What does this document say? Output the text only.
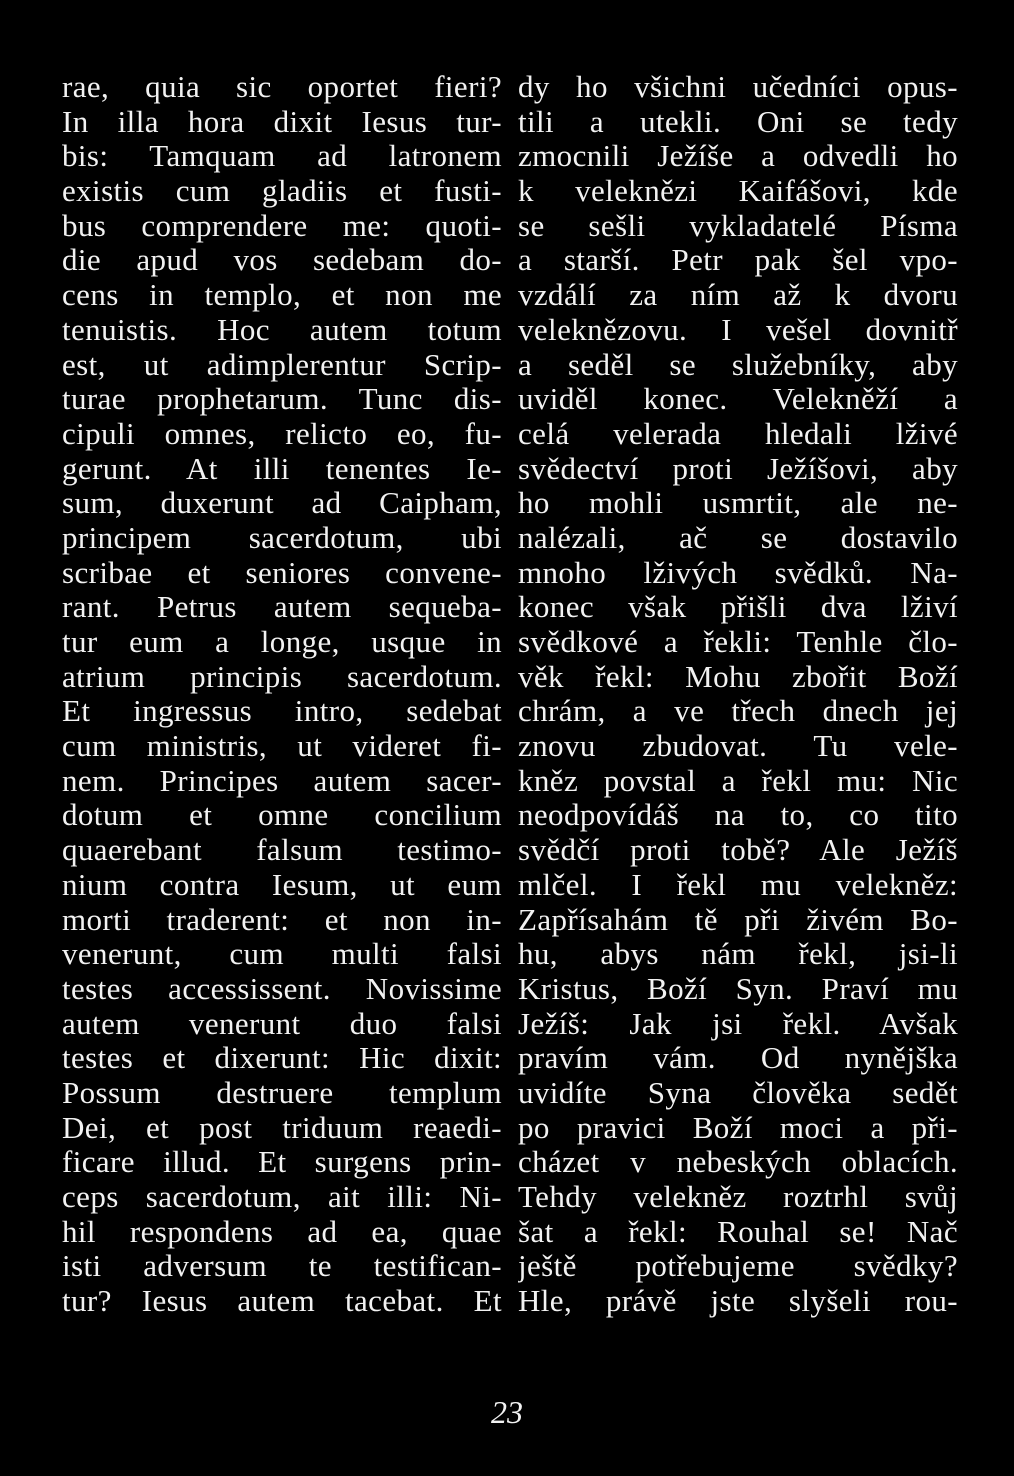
rae, quia sic oportet fieri?
In illa hora dixit Iesus tur-
bis: Tamquam ad latronem
existis cum gladiis et fusti-
bus comprendere me: quoti-
die apud vos sedebam do-
cens in templo, et non me
tenuistis. Hoc autem totum
est, ut adimplerentur Scrip-
turae prophetarum. Tunc dis-
cipuli omnes, relicto eo, fu-
gerunt. At illi tenentes Ie-
sum, duxerunt ad Caipham,
principem sacerdotum, ubi
scribae et seniores convene-
rant. Petrus autem sequeba-
tur eum a longe, usque in
atrium principis sacerdotum.
Et ingressus intro, sedebat
cum ministris, ut videret fi-
nem. Principes autem sacer-
dotum et omne concilium
quaerebant falsum testimo-
nium contra Iesum, ut eum
morti traderent: et non in-
venerunt, cum multi falsi
testes accessissent. Novissime
autem venerunt duo falsi
testes et dixerunt: Hic dixit:
Possum destruere templum
Dei, et post triduum reaedi-
ficare illud. Et surgens prin-
ceps sacerdotum, ait illi: Ni-
hil respondens ad ea, quae
isti adversum te testifican-
tur? Iesus autem tacebat. Et
dy ho všichni učedníci opus-
tili a utekli. Oni se tedy
zmocnili Ježíše a odvedli ho
k veleknězi Kaifášovi, kde
se sešli vykladatelé Písma
a starší. Petr pak šel vpo-
vzdálí za ním až k dvoru
veleknězovu. I vešel dovnitř
a seděl se služebníky, aby
uviděl konec. Velekněží a
celá velerada hledali lživé
svědectví proti Ježíšovi, aby
ho mohli usmrtit, ale ne-
nalézali, ač se dostavilo
mnoho lživých svědků. Na-
konec však přišli dva lživí
svědkové a řekli: Tenhle člo-
věk řekl: Mohu zbořit Boží
chrám, a ve třech dnech jej
znovu zbudovat. Tu vele-
kněz povstal a řekl mu: Nic
neodpovídáš na to, co tito
svědčí proti tobě? Ale Ježíš
mlčel. I řekl mu velekněz:
Zapřísahám tě při živém Bo-
hu, abys nám řekl, jsi-li
Kristus, Boží Syn. Praví mu
Ježíš: Jak jsi řekl. Avšak
pravím vám. Od nynějška
uvidíte Syna člověka sedět
po pravici Boží moci a při-
cházet v nebeských oblacích.
Tehdy velekněz roztrhl svůj
šat a řekl: Rouhal se! Nač
ještě potřebujeme svědky?
Hle, právě jste slyšeli rou-
23
